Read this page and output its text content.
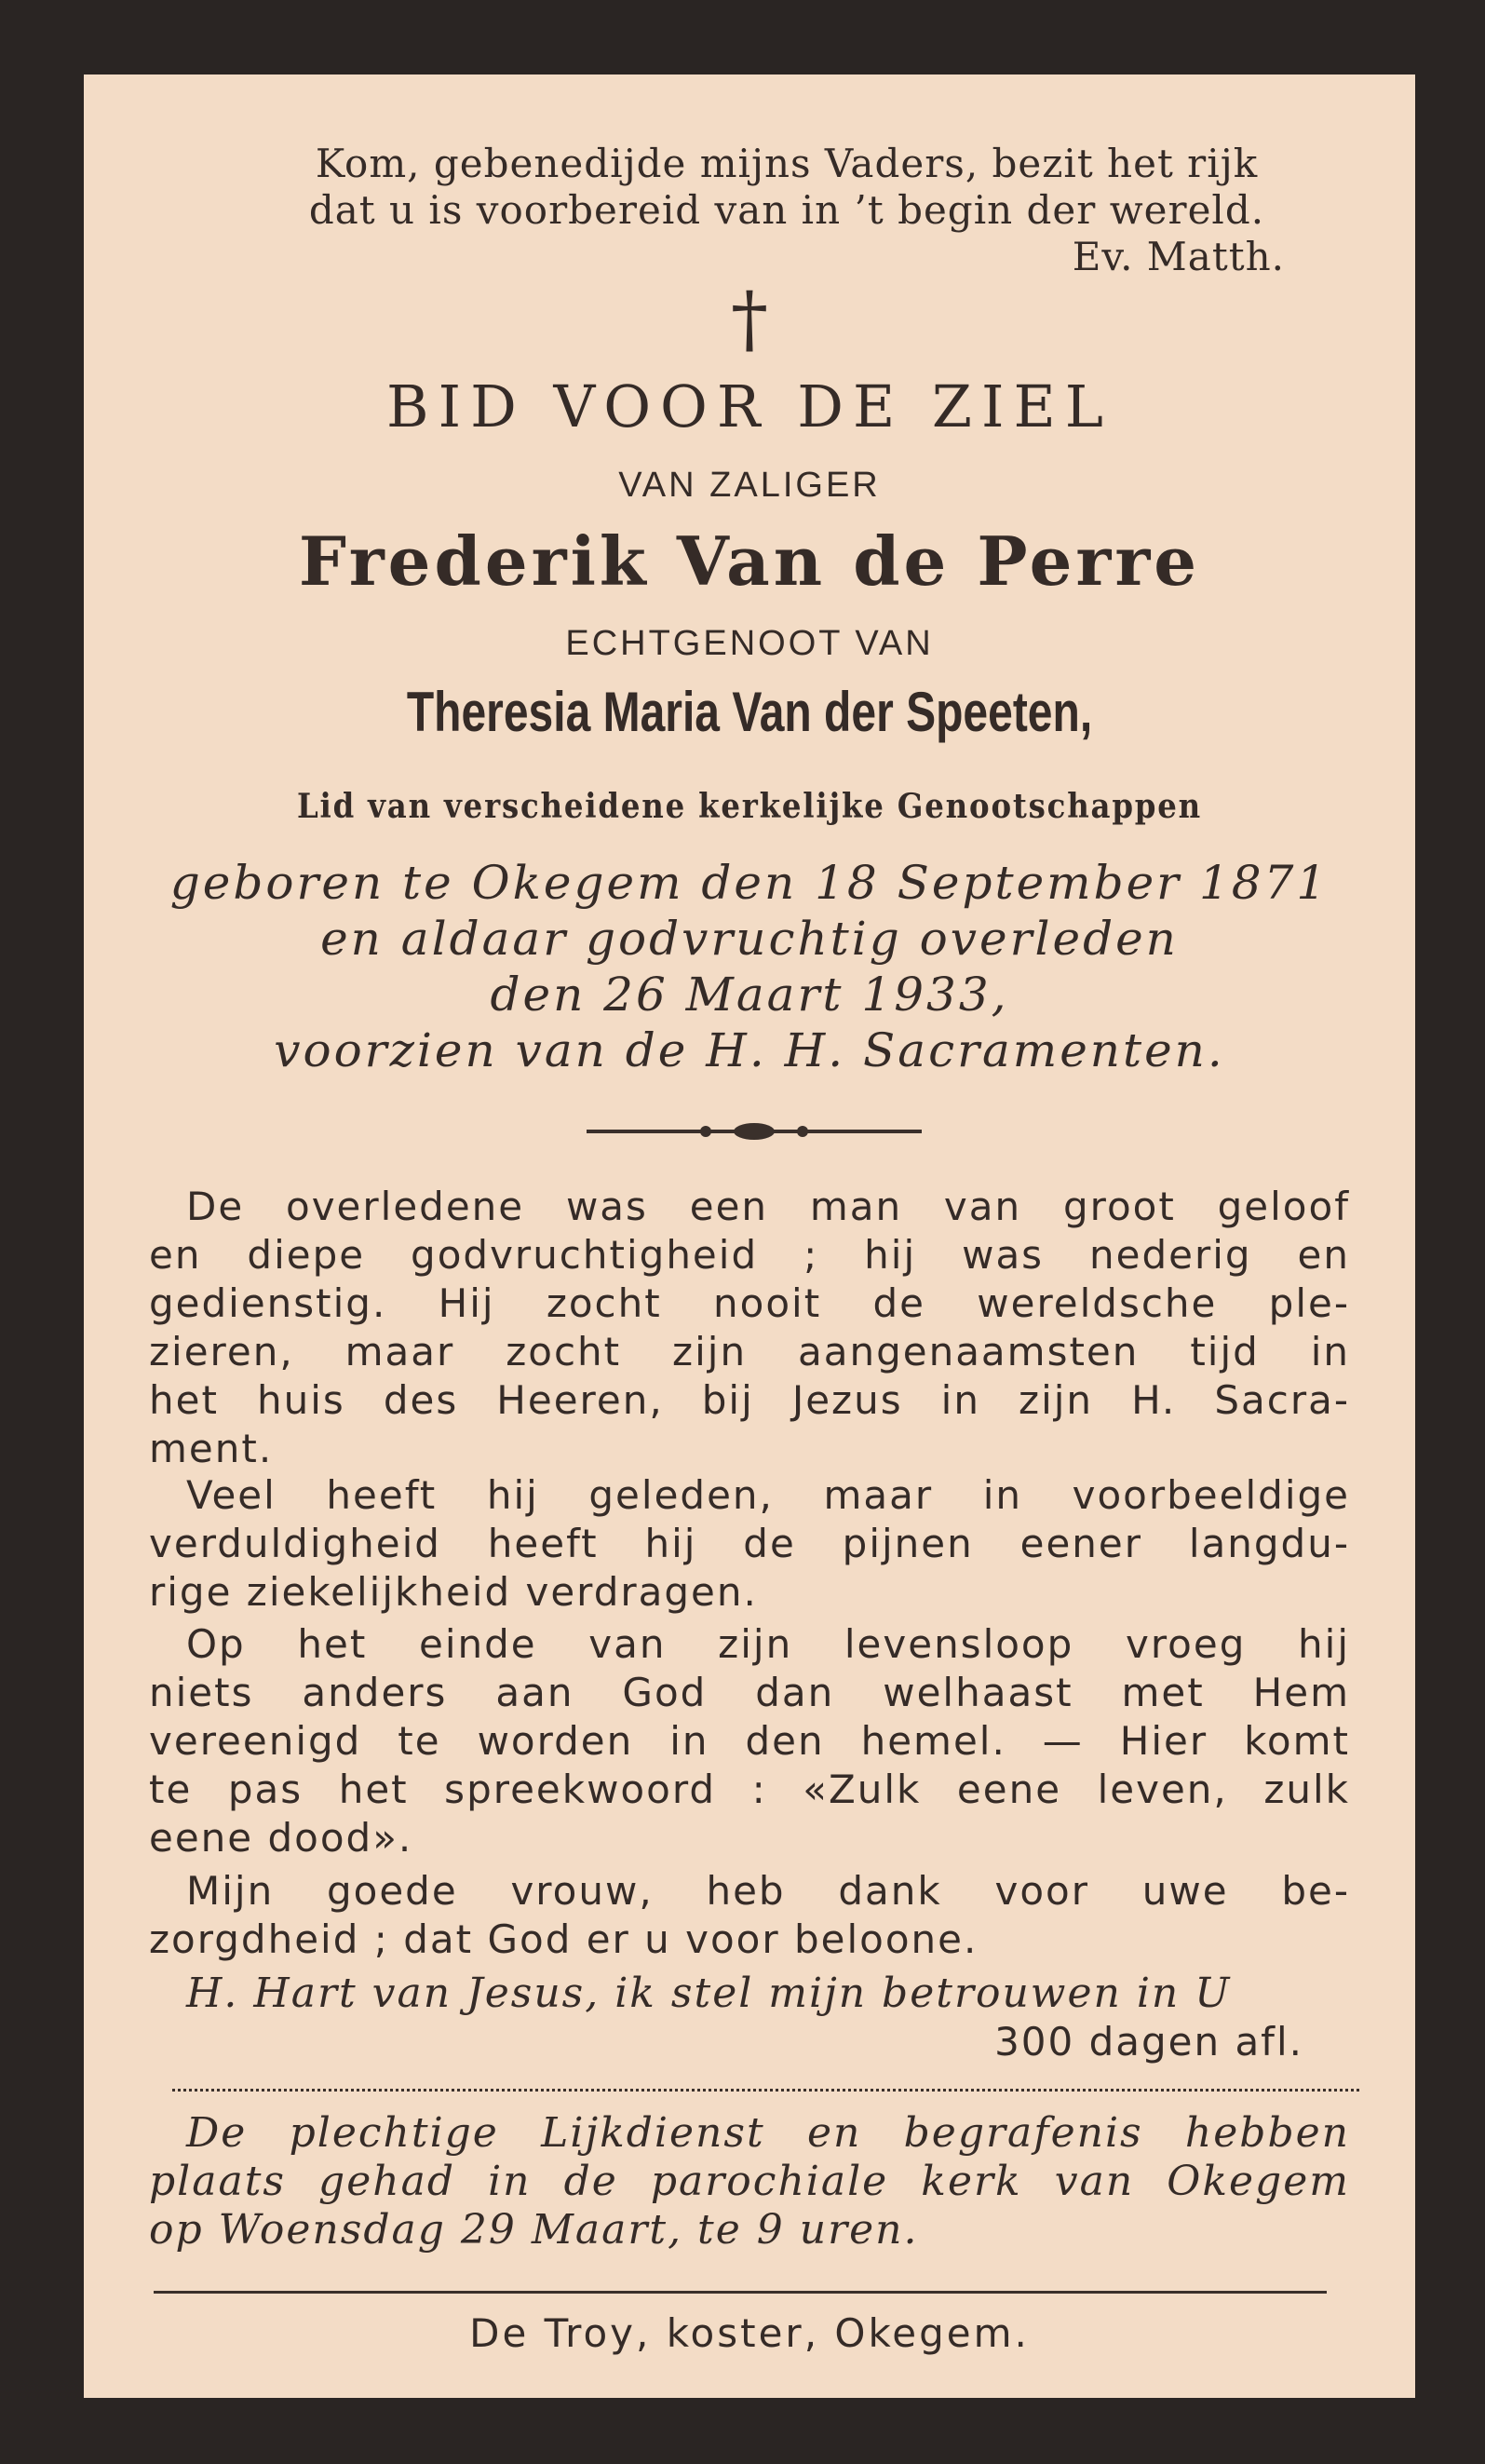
Kom, gebenedijde mijns Vaders, bezit het rijk
dat u is voorbereid van in ’t begin der wereld.
Ev. Matth.
†
BID VOOR DE ZIEL
VAN ZALIGER
Frederik Van de Perre
ECHTGENOOT VAN
Theresia Maria Van der Speeten,
Lid van verscheidene kerkelijke Genootschappen
geboren te Okegem den 18 September 1871
en aldaar godvruchtig overleden
den 26 Maart 1933,
voorzien van de H. H. Sacramenten.
De overledene was een man van groot geloof
en diepe godvruchtigheid ; hij was nederig en
gedienstig. Hij zocht nooit de wereldsche ple-
zieren, maar zocht zijn aangenaamsten tijd in
het huis des Heeren, bij Jezus in zijn H. Sacra-
ment.
Veel heeft hij geleden, maar in voorbeeldige
verduldigheid heeft hij de pijnen eener langdu-
rige ziekelijkheid verdragen.
Op het einde van zijn levensloop vroeg hij
niets anders aan God dan welhaast met Hem
vereenigd te worden in den hemel. — Hier komt
te pas het spreekwoord : «Zulk eene leven, zulk
eene dood».
Mijn goede vrouw, heb dank voor uwe be-
zorgdheid ; dat God er u voor beloone.
H. Hart van Jesus, ik stel mijn betrouwen in U
300 dagen afl.
De plechtige Lijkdienst en begrafenis hebben
plaats gehad in de parochiale kerk van Okegem
op Woensdag 29 Maart, te 9 uren.
De Troy, koster, Okegem.
